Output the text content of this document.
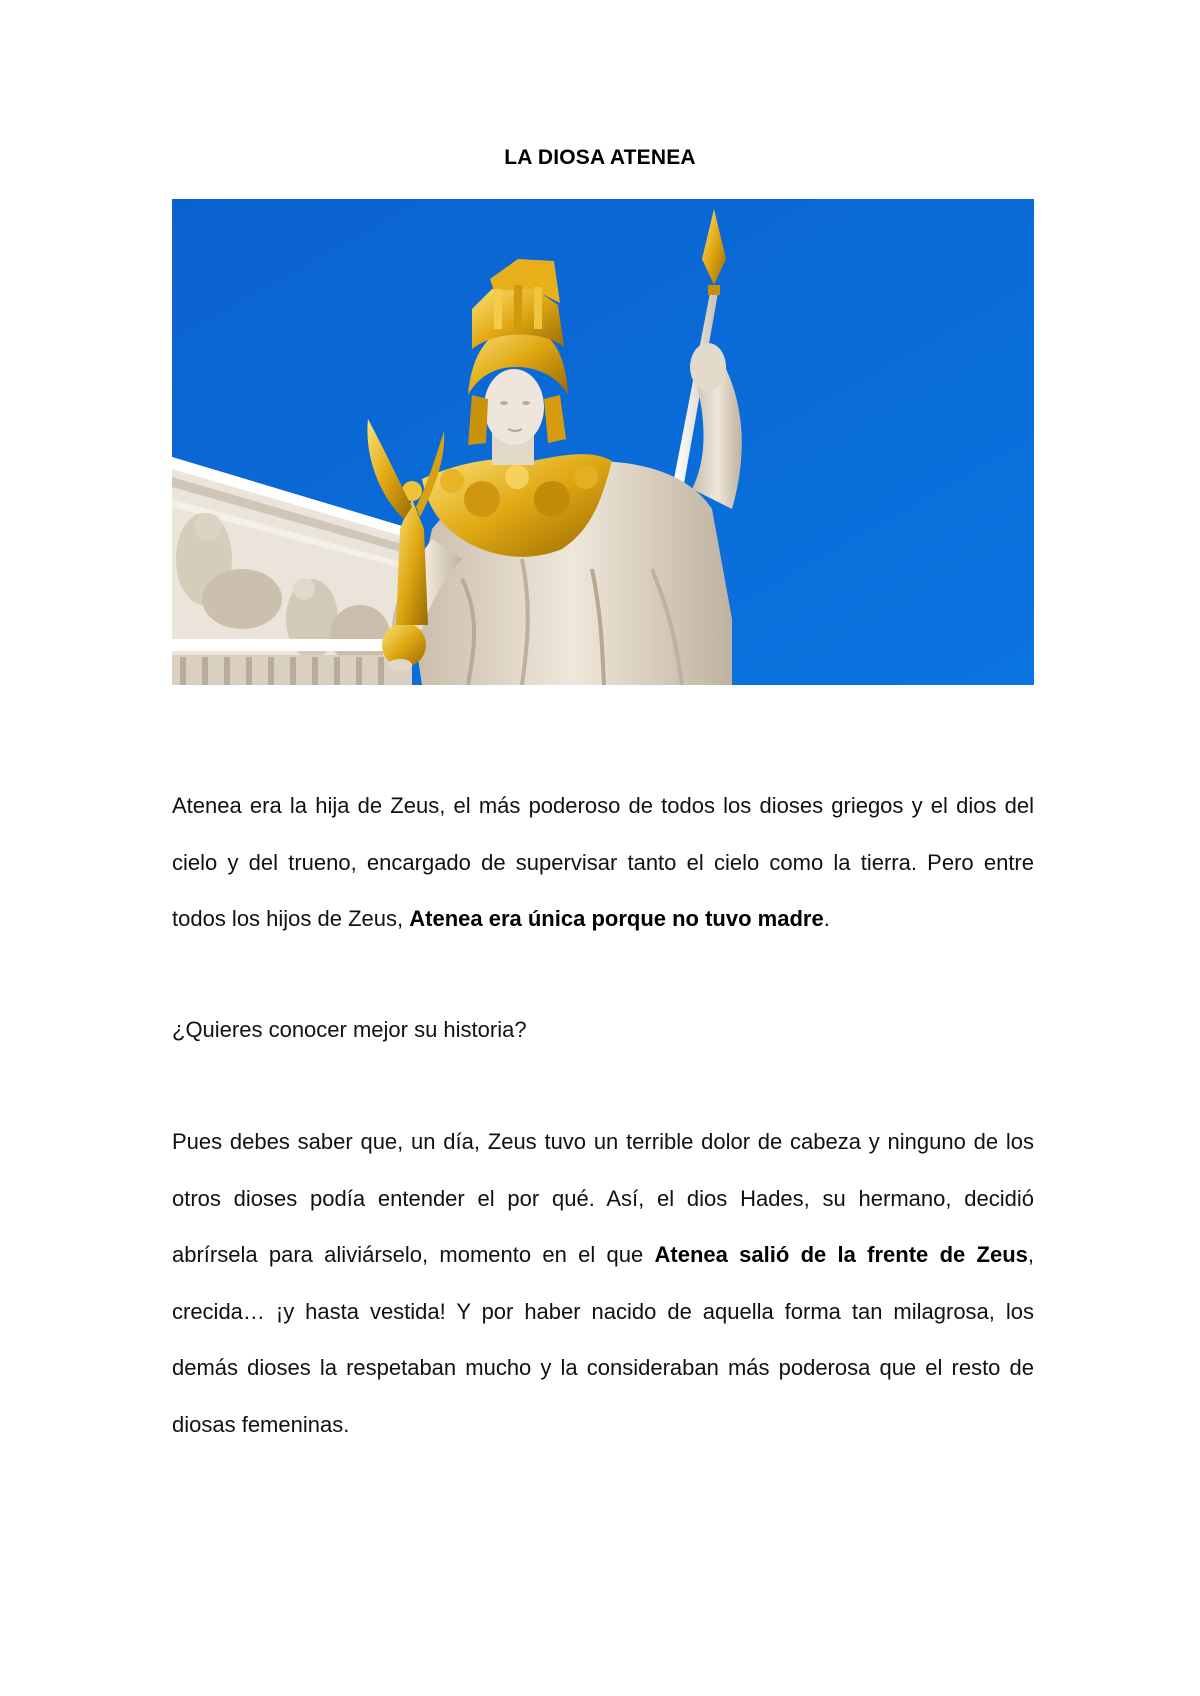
LA DIOSA ATENEA

Atenea era la hija de Zeus, el más poderoso de todos los dioses griegos y el dios del cielo y del trueno, encargado de supervisar tanto el cielo como la tierra. Pero entre todos los hijos de Zeus, Atenea era única porque no tuvo madre.

¿Quieres conocer mejor su historia?

Pues debes saber que, un día, Zeus tuvo un terrible dolor de cabeza y ninguno de los otros dioses podía entender el por qué. Así, el dios Hades, su hermano, decidió abrírsela para aliviárselo, momento en el que Atenea salió de la frente de Zeus, crecida… ¡y hasta vestida! Y por haber nacido de aquella forma tan milagrosa, los demás dioses la respetaban mucho y la consideraban más poderosa que el resto de diosas femeninas.
